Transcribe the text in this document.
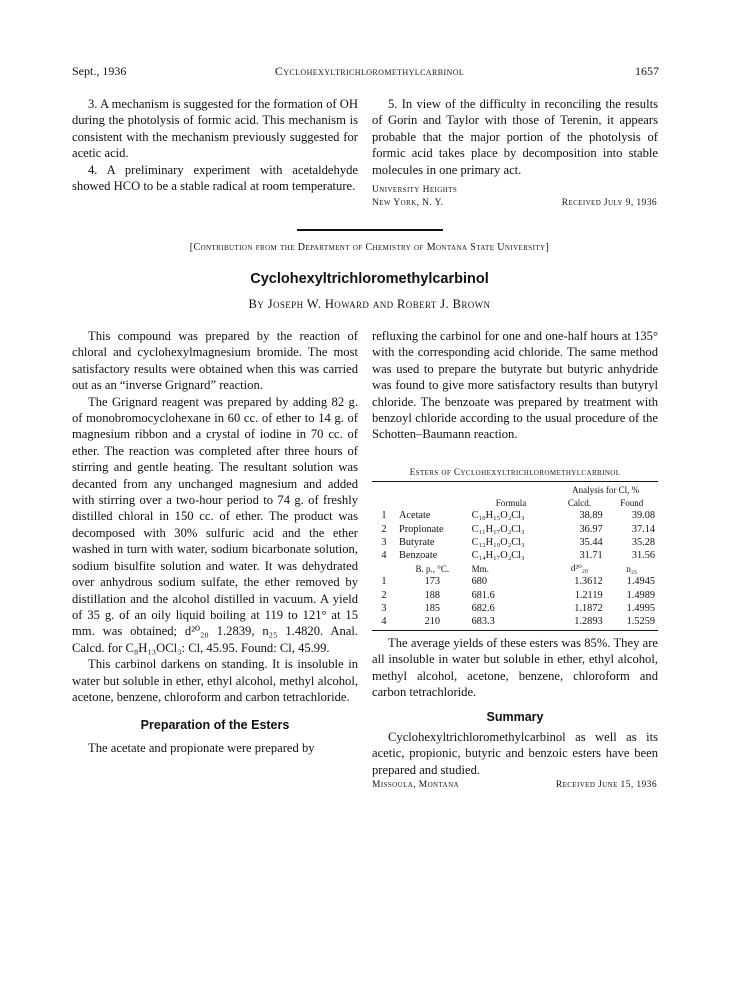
Sept., 1936	Cyclohexyltrichloromethylcarbinol	1657

3. A mechanism is suggested for the formation of OH during the photolysis of formic acid. This mechanism is consistent with the mechanism previously suggested for acetic acid.

4. A preliminary experiment with acetaldehyde showed HCO to be a stable radical at room temperature.

5. In view of the difficulty in reconciling the results of Gorin and Taylor with those of Terenin, it appears probable that the major portion of the photolysis of formic acid takes place by decomposition into stable molecules in one primary act.

University Heights
New York, N. Y.	Received July 9, 1936
[Contribution from the Department of Chemistry of Montana State University]
Cyclohexyltrichloromethylcarbinol
By Joseph W. Howard and Robert J. Brown

This compound was prepared by the reaction of chloral and cyclohexylmagnesium bromide. The most satisfactory results were obtained when this was carried out as an “inverse Grignard” reaction.

The Grignard reagent was prepared by adding 82 g. of monobromocyclohexane in 60 cc. of ether to 14 g. of magnesium ribbon and a crystal of iodine in 70 cc. of ether. The reaction was completed after three hours of stirring and gentle heating. The resultant solution was decanted from any unchanged magnesium and added with stirring over a two-hour period to 74 g. of freshly distilled chloral in 150 cc. of ether. The product was decomposed with 30% sulfuric acid and the ether washed in turn with water, sodium bicarbonate solution, sodium bisulfite solution and water. It was dehydrated over anhydrous sodium sulfate, the ether removed by distillation and the alcohol distilled in vacuum. A yield of 35 g. of an oily liquid boiling at 119 to 121° at 15 mm. was obtained; d²⁰₂₀ 1.2839, n₂₅ 1.4820. Anal. Calcd. for C₈H₁₃OCl₃: Cl, 45.95. Found: Cl, 45.99.

This carbinol darkens on standing. It is insoluble in water but soluble in ether, ethyl alcohol, methyl alcohol, acetone, benzene, chloroform and carbon tetrachloride.

Preparation of the Esters

The acetate and propionate were prepared by

refluxing the carbinol for one and one-half hours at 135° with the corresponding acid chloride. The same method was used to prepare the butyrate but butyric anhydride was found to give more satisfactory results than butyryl chloride. The benzoate was prepared by treatment with benzoyl chloride according to the usual procedure of the Schotten–Baumann reaction.

Esters of Cyclohexyltrichloromethylcarbinol
			Analysis for Cl, %	
		Formula	Calcd.	Found
1	Acetate	C₁₀H₁₅O₂Cl₃	38.89	39.08
2	Propionate	C₁₁H₁₇O₂Cl₃	36.97	37.14
3	Butyrate	C₁₂H₁₉O₂Cl₃	35.44	35.28
4	Benzoate	C₁₄H₁₇O₂Cl₃	31.71	31.56
	B. p., °C.	Mm.	d²⁰₂₀	n₂₅
1	173	680	1.3612	1.4945
2	188	681.6	1.2119	1.4989
3	185	682.6	1.1872	1.4995
4	210	683.3	1.2893	1.5259

The average yields of these esters was 85%. They are all insoluble in water but soluble in ether, ethyl alcohol, methyl alcohol, acetone, benzene, chloroform and carbon tetrachloride.

Summary

Cyclohexyltrichloromethylcarbinol as well as its acetic, propionic, butyric and benzoic esters have been prepared and studied.

Missoula, Montana	Received June 15, 1936
